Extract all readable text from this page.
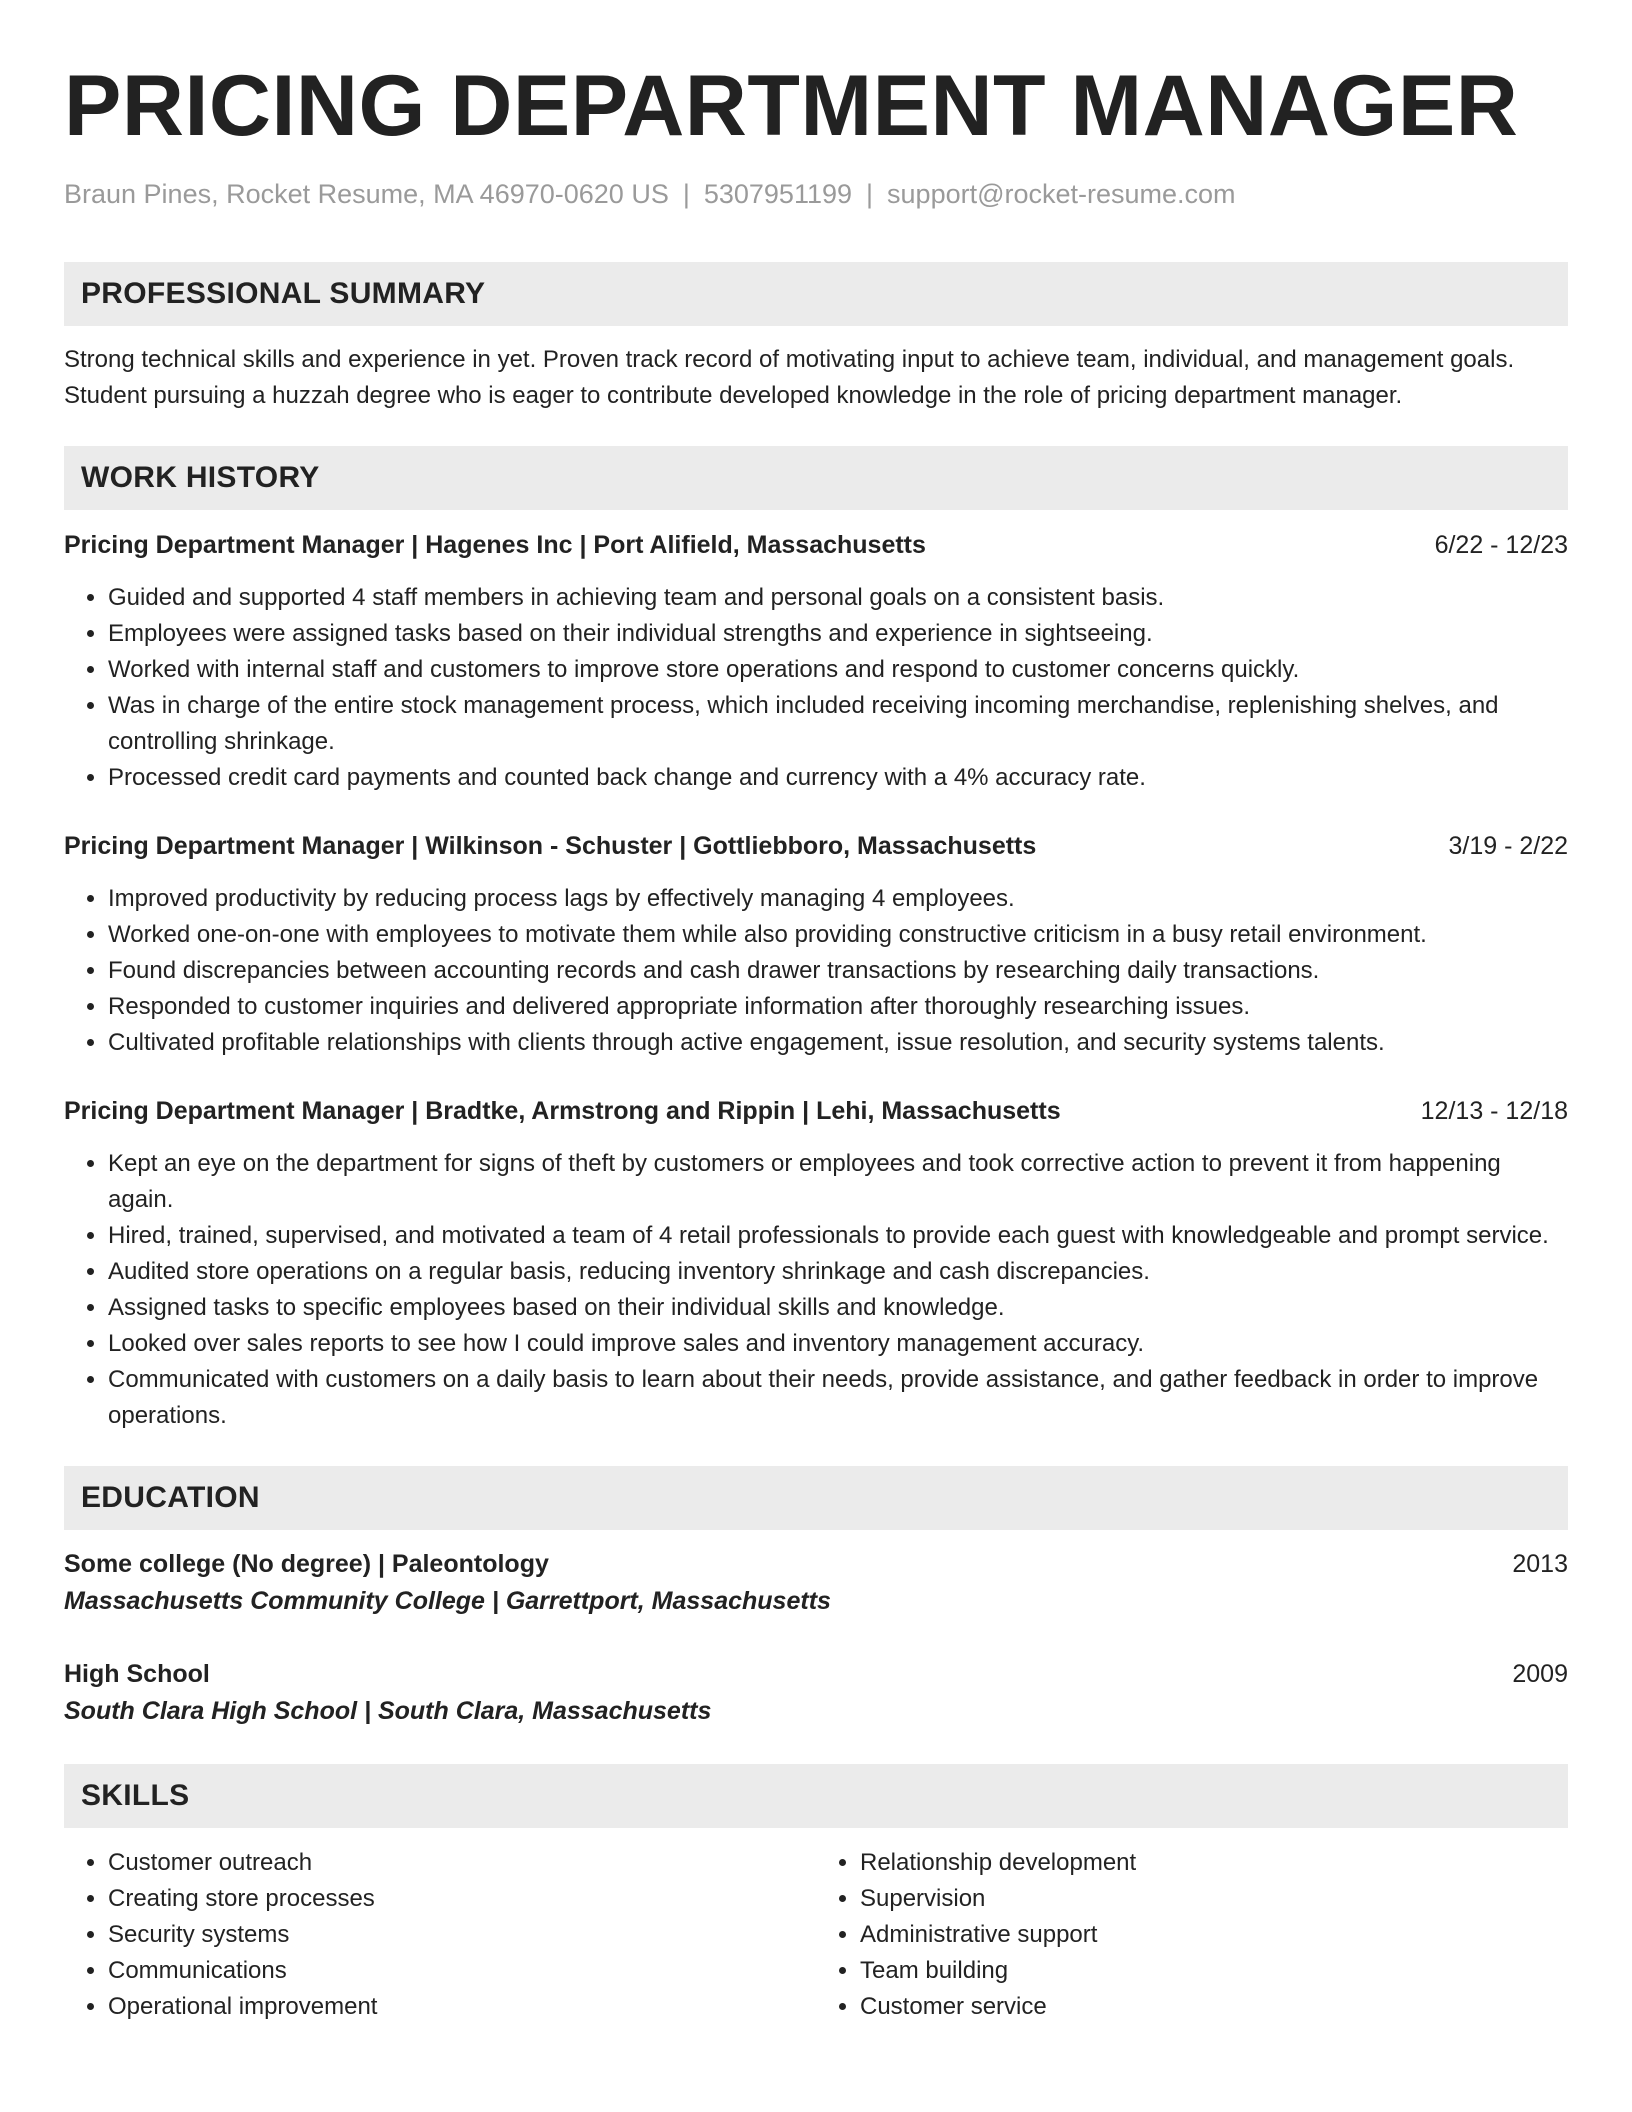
PRICING DEPARTMENT MANAGER
Braun Pines, Rocket Resume, MA 46970-0620 US | 5307951199 | support@rocket-resume.com
PROFESSIONAL SUMMARY
Strong technical skills and experience in yet. Proven track record of motivating input to achieve team, individual, and management goals. Student pursuing a huzzah degree who is eager to contribute developed knowledge in the role of pricing department manager.
WORK HISTORY
Pricing Department Manager | Hagenes Inc | Port Alifield, Massachusetts	6/22 - 12/23
• Guided and supported 4 staff members in achieving team and personal goals on a consistent basis.
• Employees were assigned tasks based on their individual strengths and experience in sightseeing.
• Worked with internal staff and customers to improve store operations and respond to customer concerns quickly.
• Was in charge of the entire stock management process, which included receiving incoming merchandise, replenishing shelves, and controlling shrinkage.
• Processed credit card payments and counted back change and currency with a 4% accuracy rate.
Pricing Department Manager | Wilkinson - Schuster | Gottliebboro, Massachusetts	3/19 - 2/22
• Improved productivity by reducing process lags by effectively managing 4 employees.
• Worked one-on-one with employees to motivate them while also providing constructive criticism in a busy retail environment.
• Found discrepancies between accounting records and cash drawer transactions by researching daily transactions.
• Responded to customer inquiries and delivered appropriate information after thoroughly researching issues.
• Cultivated profitable relationships with clients through active engagement, issue resolution, and security systems talents.
Pricing Department Manager | Bradtke, Armstrong and Rippin | Lehi, Massachusetts	12/13 - 12/18
• Kept an eye on the department for signs of theft by customers or employees and took corrective action to prevent it from happening again.
• Hired, trained, supervised, and motivated a team of 4 retail professionals to provide each guest with knowledgeable and prompt service.
• Audited store operations on a regular basis, reducing inventory shrinkage and cash discrepancies.
• Assigned tasks to specific employees based on their individual skills and knowledge.
• Looked over sales reports to see how I could improve sales and inventory management accuracy.
• Communicated with customers on a daily basis to learn about their needs, provide assistance, and gather feedback in order to improve operations.
EDUCATION
Some college (No degree) | Paleontology	2013
Massachusetts Community College | Garrettport, Massachusetts
High School	2009
South Clara High School | South Clara, Massachusetts
SKILLS
• Customer outreach
• Creating store processes
• Security systems
• Communications
• Operational improvement
• Relationship development
• Supervision
• Administrative support
• Team building
• Customer service
